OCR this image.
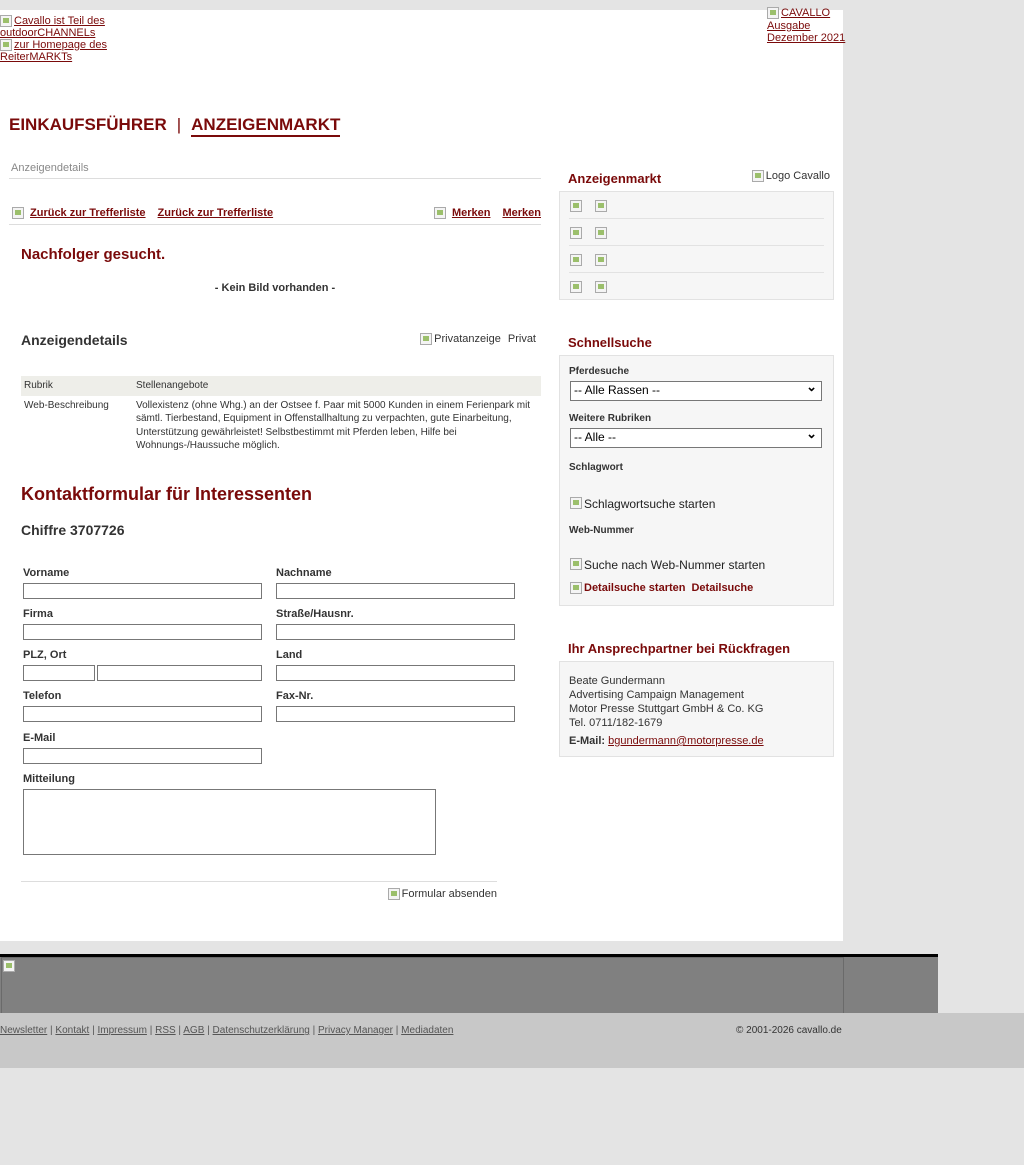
Cavallo ist Teil des outdoorCHANNELs
zur Homepage des ReiterMARKTs
CAVALLO Ausgabe Dezember 2021
EINKAUFSFÜHRER | ANZEIGENMARKT
Anzeigendetails
Zurück zur Trefferliste Zurück zur Trefferliste	Merken Merken
Nachfolger gesucht.
- Kein Bild vorhanden -
Anzeigendetails	Privatanzeige Privat
Rubrik	Stellenangebote
Web-Beschreibung	Vollexistenz (ohne Whg.) an der Ostsee f. Paar mit 5000 Kunden in einem Ferienpark mit sämtl. Tierbestand, Equipment in Offenstallhaltung zu verpachten, gute Einarbeitung, Unterstützung gewährleistet! Selbstbestimmt mit Pferden leben, Hilfe bei Wohnungs-/Haussuche möglich.
Kontaktformular für Interessenten
Chiffre 3707726
Vorname	Nachname
Firma	Straße/Hausnr.
PLZ, Ort	Land
Telefon	Fax-Nr.
E-Mail
Mitteilung
Formular absenden
Anzeigenmarkt	Logo Cavallo
Schnellsuche
Pferdesuche
-- Alle Rassen -- ⌄
Weitere Rubriken
-- Alle -- ⌄
Schlagwort
Schlagwortsuche starten
Web-Nummer
Suche nach Web-Nummer starten
Detailsuche starten Detailsuche
Ihr Ansprechpartner bei Rückfragen
Beate Gundermann
Advertising Campaign Management
Motor Presse Stuttgart GmbH & Co. KG
Tel. 0711/182-1679
E-Mail: bgundermann@motorpresse.de
Newsletter | Kontakt | Impressum | RSS | AGB | Datenschutzerklärung | Privacy Manager | Mediadaten	© 2001-2026 cavallo.de
